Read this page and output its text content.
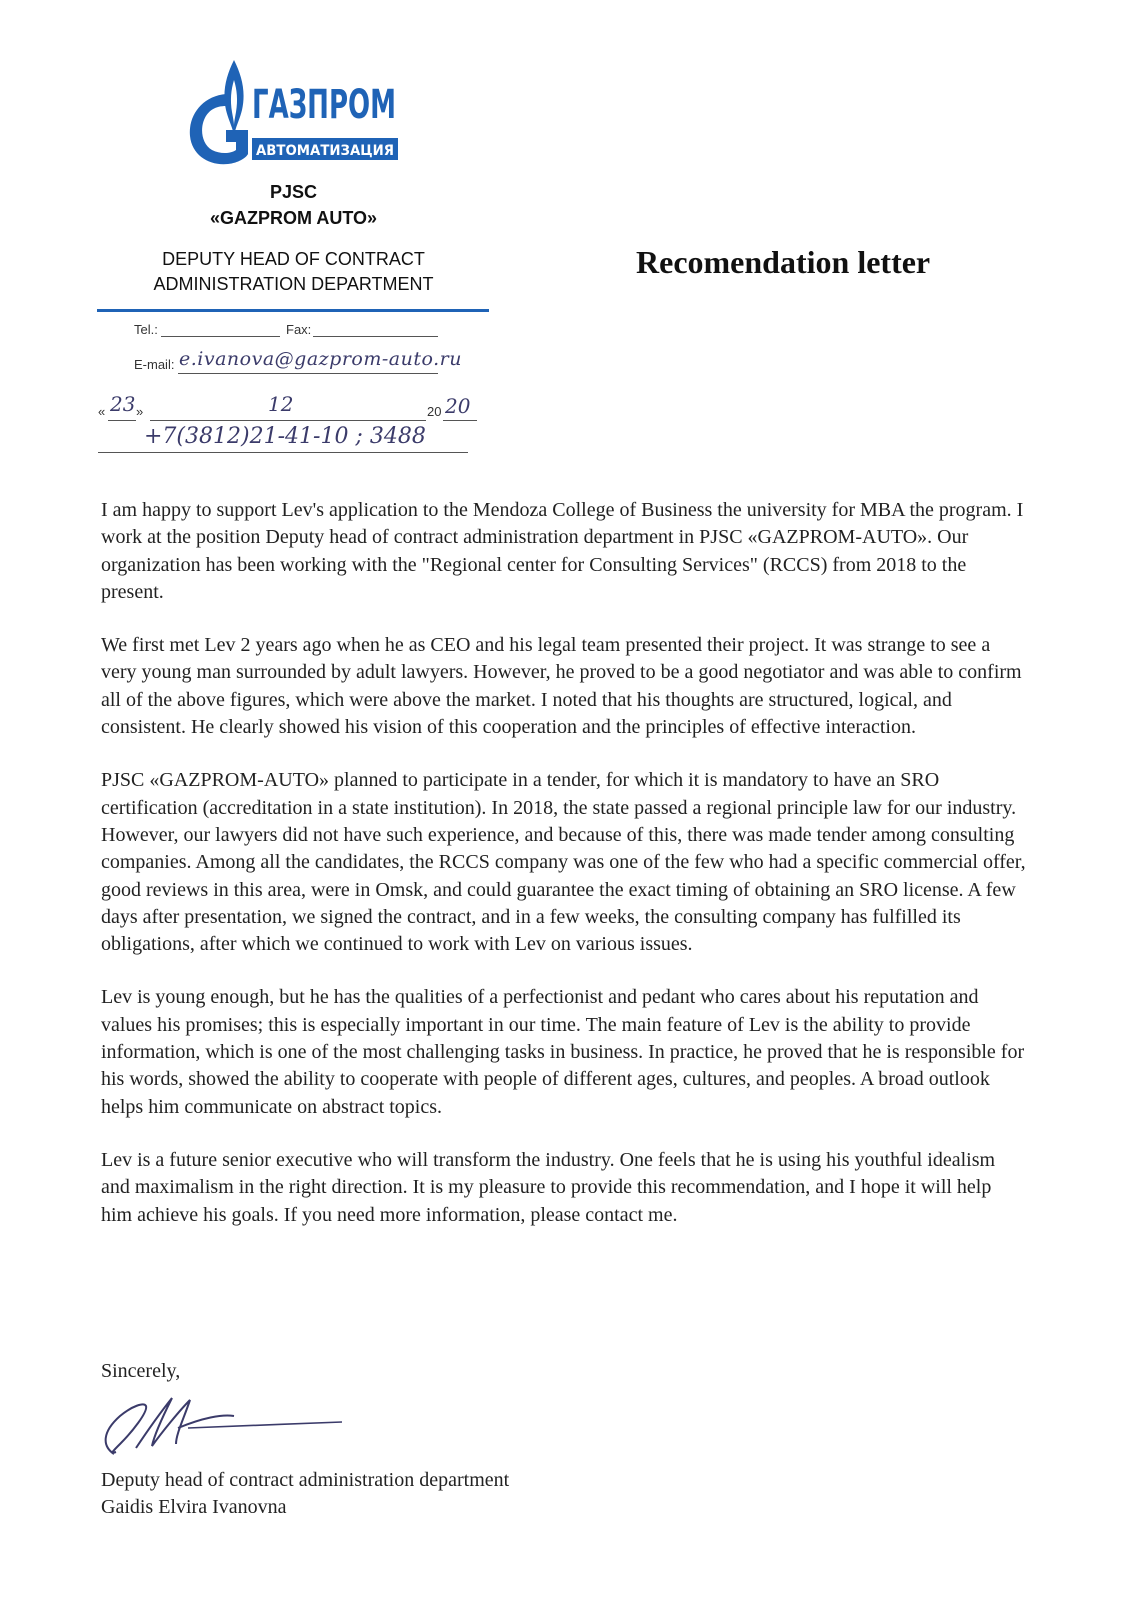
ГАЗПРОМ
АВТОМАТИЗАЦИЯ
PJSC
«GAZPROM AUTO»
DEPUTY HEAD OF CONTRACT
ADMINISTRATION DEPARTMENT
Tel.:	Fax:
E-mail: e.ivanova@gazprom-auto.ru
« 23 »	12	20 20
+7(3812)21-41-10 ; 3488
Recomendation letter

I am happy to support Lev's application to the Mendoza College of Business the university for MBA the program. I work at the position Deputy head of contract administration department in PJSC «GAZPROM-AUTO». Our organization has been working with the "Regional center for Consulting Services" (RCCS) from 2018 to the present.

We first met Lev 2 years ago when he as CEO and his legal team presented their project. It was strange to see a very young man surrounded by adult lawyers. However, he proved to be a good negotiator and was able to confirm all of the above figures, which were above the market. I noted that his thoughts are structured, logical, and consistent. He clearly showed his vision of this cooperation and the principles of effective interaction.

PJSC «GAZPROM-AUTO» planned to participate in a tender, for which it is mandatory to have an SRO certification (accreditation in a state institution). In 2018, the state passed a regional principle law for our industry. However, our lawyers did not have such experience, and because of this, there was made tender among consulting companies. Among all the candidates, the RCCS company was one of the few who had a specific commercial offer, good reviews in this area, were in Omsk, and could guarantee the exact timing of obtaining an SRO license. A few days after presentation, we signed the contract, and in a few weeks, the consulting company has fulfilled its obligations, after which we continued to work with Lev on various issues.

Lev is young enough, but he has the qualities of a perfectionist and pedant who cares about his reputation and values his promises; this is especially important in our time. The main feature of Lev is the ability to provide information, which is one of the most challenging tasks in business. In practice, he proved that he is responsible for his words, showed the ability to cooperate with people of different ages, cultures, and peoples. A broad outlook helps him communicate on abstract topics.

Lev is a future senior executive who will transform the industry. One feels that he is using his youthful idealism and maximalism in the right direction. It is my pleasure to provide this recommendation, and I hope it will help him achieve his goals. If you need more information, please contact me.

Sincerely,
Deputy head of contract administration department
Gaidis Elvira Ivanovna
